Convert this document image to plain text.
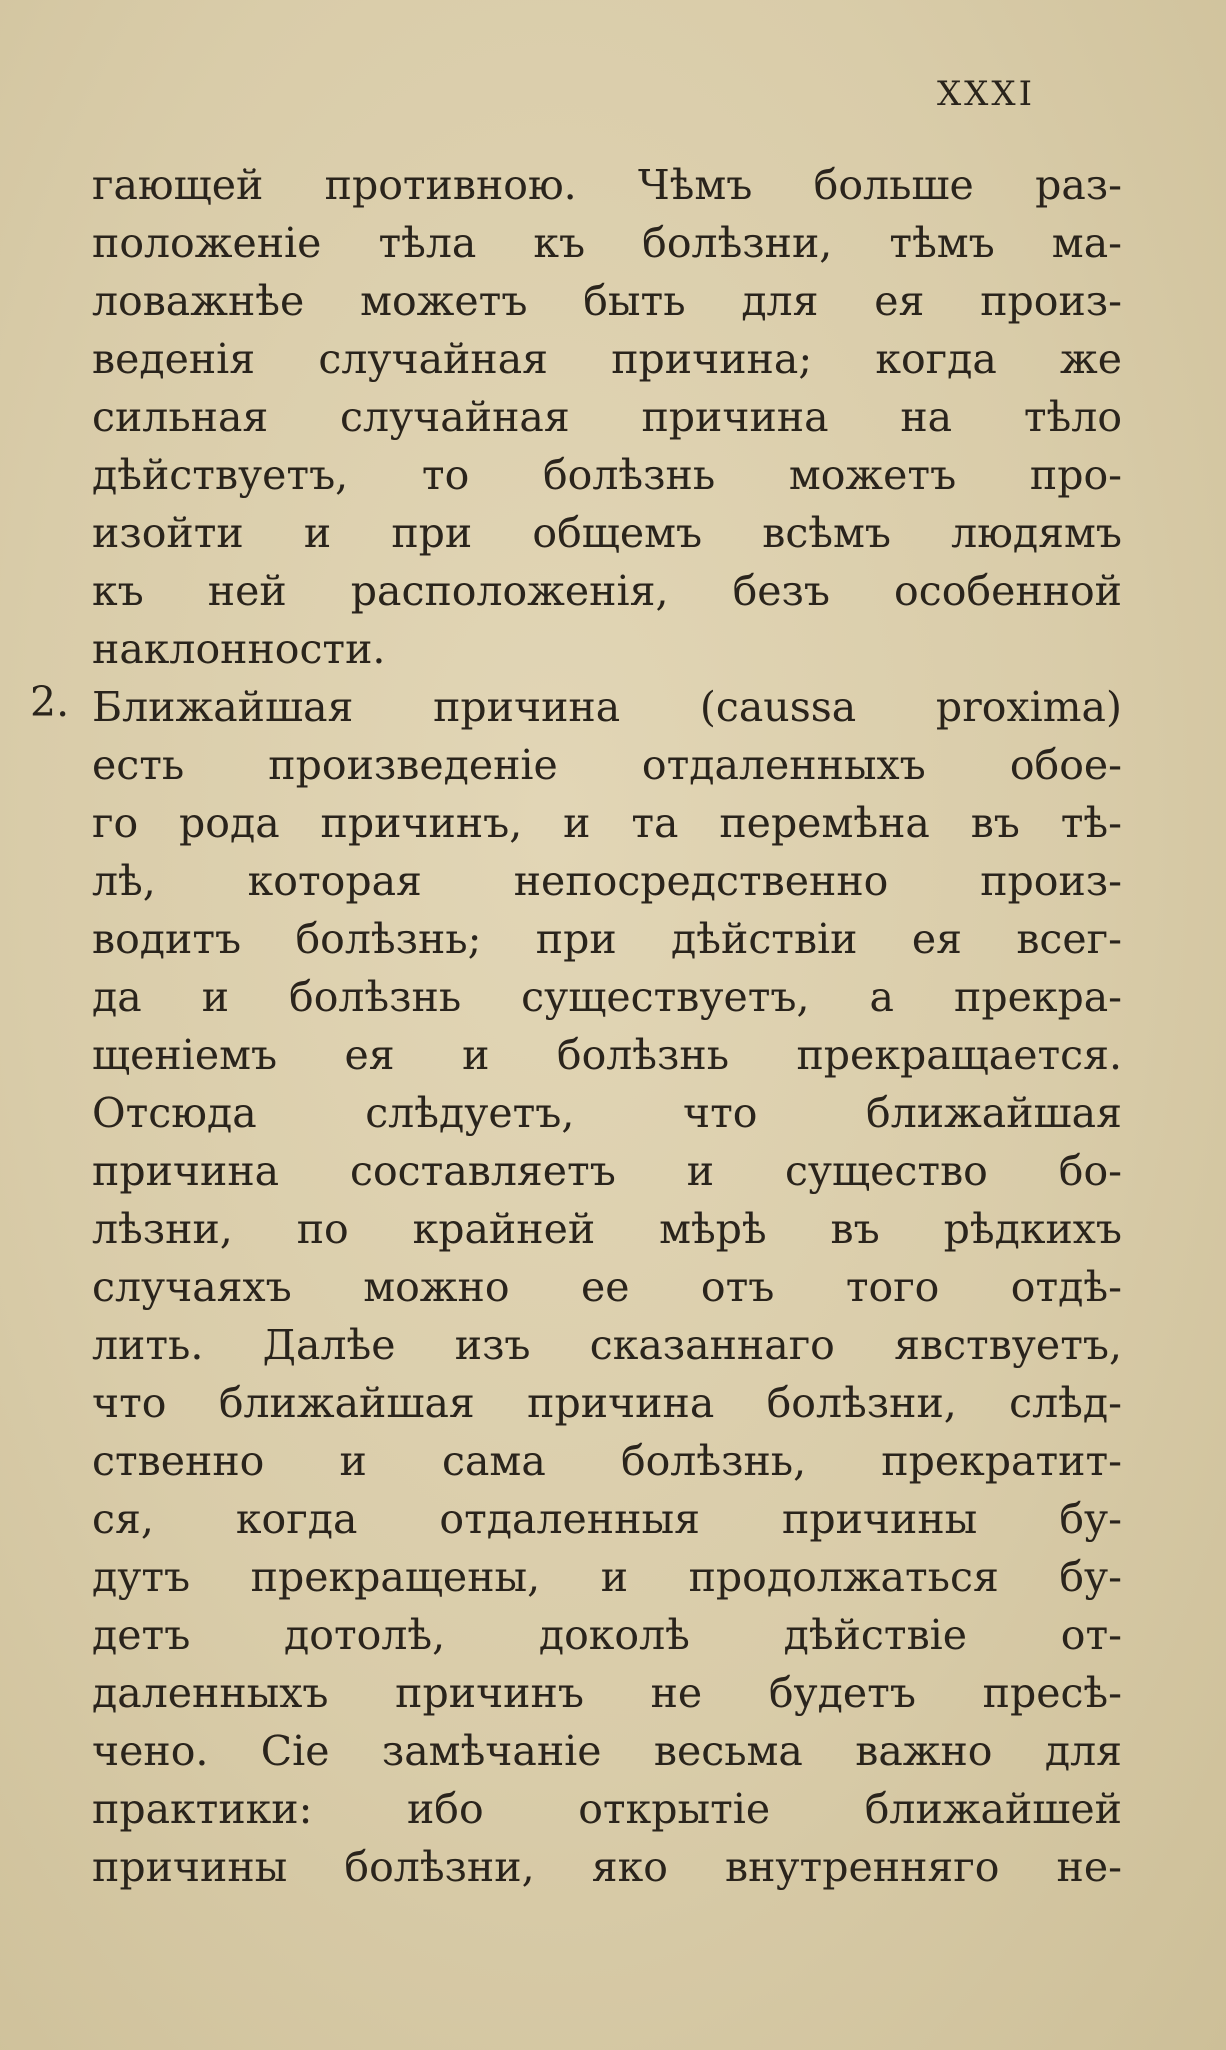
XXXI
гающей противною. Чѣмъ больше раз-
положенiе тѣла къ болѣзни, тѣмъ ма-
ловажнѣе можетъ быть для ея произ-
веденiя случайная причина; когда же
сильная случайная причина на тѣло
дѣйствуетъ, то болѣзнь можетъ про-
изойти и при общемъ всѣмъ людямъ
къ ней расположенiя, безъ особенной
наклонности.
2. Ближайшая причина (caussa proxima)
есть произведенiе отдаленныхъ обое-
го рода причинъ, и та перемѣна въ тѣ-
лѣ, которая непосредственно произ-
водитъ болѣзнь; при дѣйствiи ея всег-
да и болѣзнь существуетъ, а прекра-
щенiемъ ея и болѣзнь прекращается.
Отсюда слѣдуетъ, что ближайшая
причина составляетъ и существо бо-
лѣзни, по крайней мѣрѣ въ рѣдкихъ
случаяхъ можно ее отъ того отдѣ-
лить. Далѣе изъ сказаннаго явствуетъ,
что ближайшая причина болѣзни, слѣд-
ственно и сама болѣзнь, прекратит-
ся, когда отдаленныя причины бу-
дутъ прекращены, и продолжаться бу-
детъ дотолѣ, доколѣ дѣйствiе от-
даленныхъ причинъ не будетъ пресѣ-
чено. Сiе замѣчанiе весьма важно для
практики: ибо открытiе ближайшей
причины болѣзни, яко внутренняго не-
